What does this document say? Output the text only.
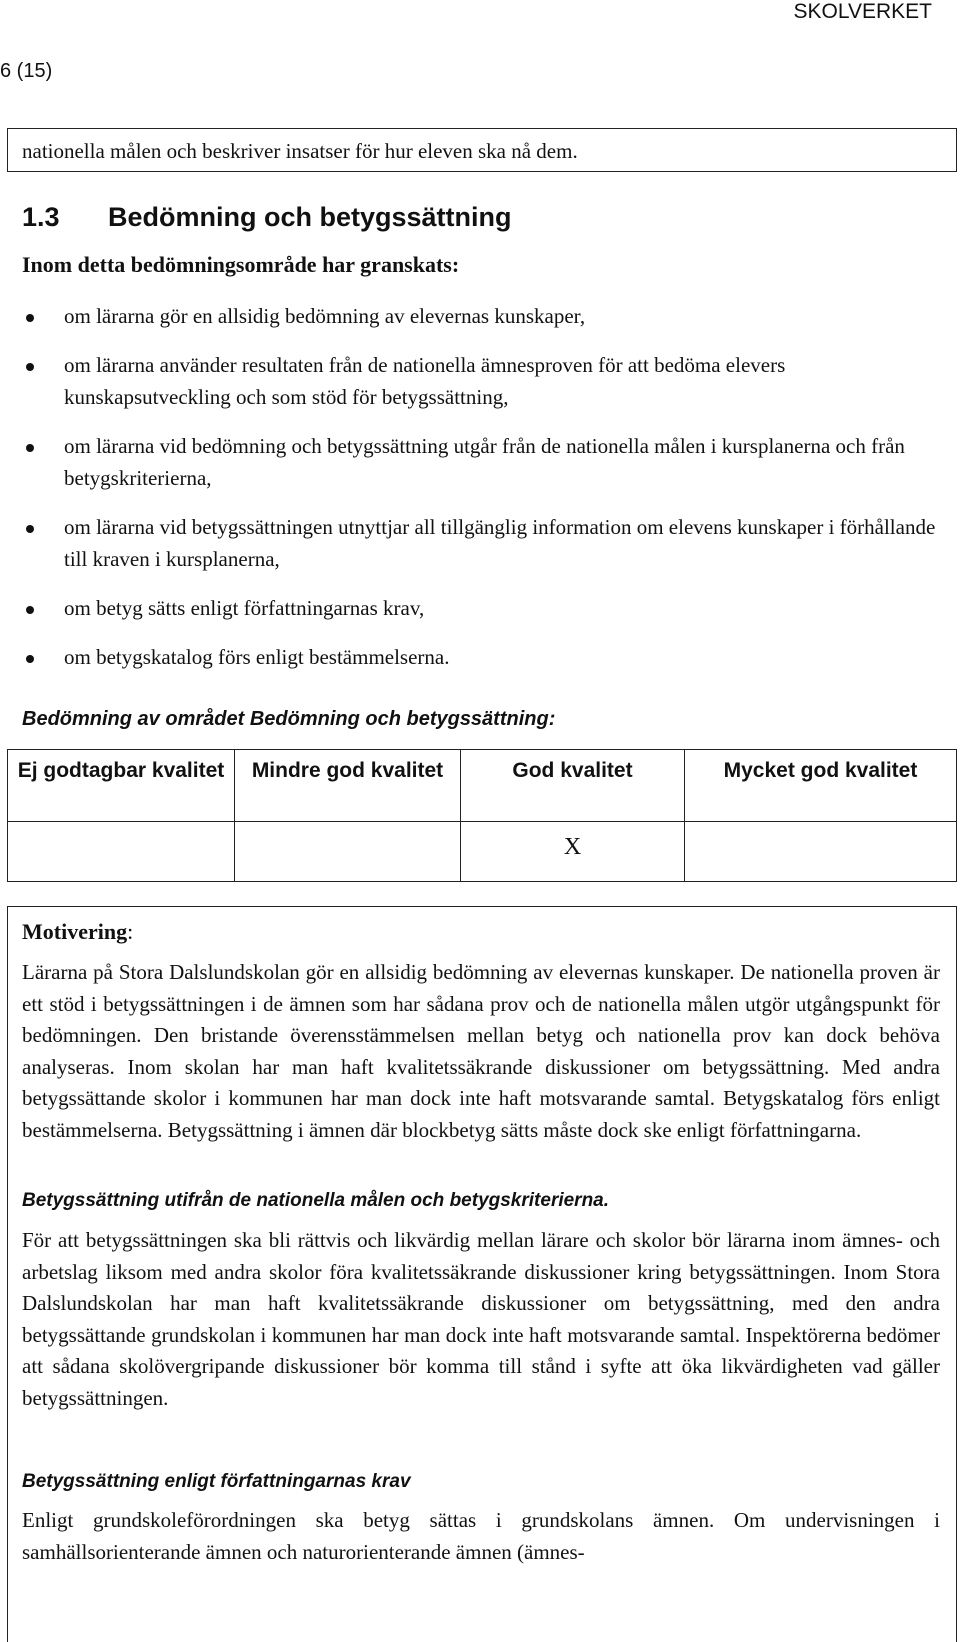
SKOLVERKET
6 (15)
nationella målen och beskriver insatser för hur eleven ska nå dem.
1.3 Bedömning och betygssättning
Inom detta bedömningsområde har granskats:
om lärarna gör en allsidig bedömning av elevernas kunskaper,
om lärarna använder resultaten från de nationella ämnesproven för att bedöma elevers kunskapsutveckling och som stöd för betygssättning,
om lärarna vid bedömning och betygssättning utgår från de nationella målen i kursplanerna och från betygskriterierna,
om lärarna vid betygssättningen utnyttjar all tillgänglig information om elevens kunskaper i förhållande till kraven i kursplanerna,
om betyg sätts enligt författningarnas krav,
om betygskatalog förs enligt bestämmelserna.
Bedömning av området Bedömning och betygssättning:
Ej godtagbar kvalitet	Mindre god kvalitet	God kvalitet	Mycket god kvalitet
		X	
Motivering:
Lärarna på Stora Dalslundskolan gör en allsidig bedömning av elevernas kunskaper. De nationella proven är ett stöd i betygssättningen i de ämnen som har sådana prov och de nationella målen utgör utgångspunkt för bedömningen. Den bristande överensstämmelsen mellan betyg och nationella prov kan dock behöva analyseras. Inom skolan har man haft kvalitetssäkrande diskussioner om betygssättning. Med andra betygssättande skolor i kommunen har man dock inte haft motsvarande samtal. Betygskatalog förs enligt bestämmelserna. Betygssättning i ämnen där blockbetyg sätts måste dock ske enligt författningarna.
Betygssättning utifrån de nationella målen och betygskriterierna.
För att betygssättningen ska bli rättvis och likvärdig mellan lärare och skolor bör lärarna inom ämnes- och arbetslag liksom med andra skolor föra kvalitetssäkrande diskussioner kring betygssättningen. Inom Stora Dalslundskolan har man haft kvalitetssäkrande diskussioner om betygssättning, med den andra betygssättande grundskolan i kommunen har man dock inte haft motsvarande samtal. Inspektörerna bedömer att sådana skolövergripande diskussioner bör komma till stånd i syfte att öka likvärdigheten vad gäller betygssättningen.
Betygssättning enligt författningarnas krav
Enligt grundskoleförordningen ska betyg sättas i grundskolans ämnen. Om undervisningen i samhällsorienterande ämnen och naturorienterande ämnen (ämnes-
